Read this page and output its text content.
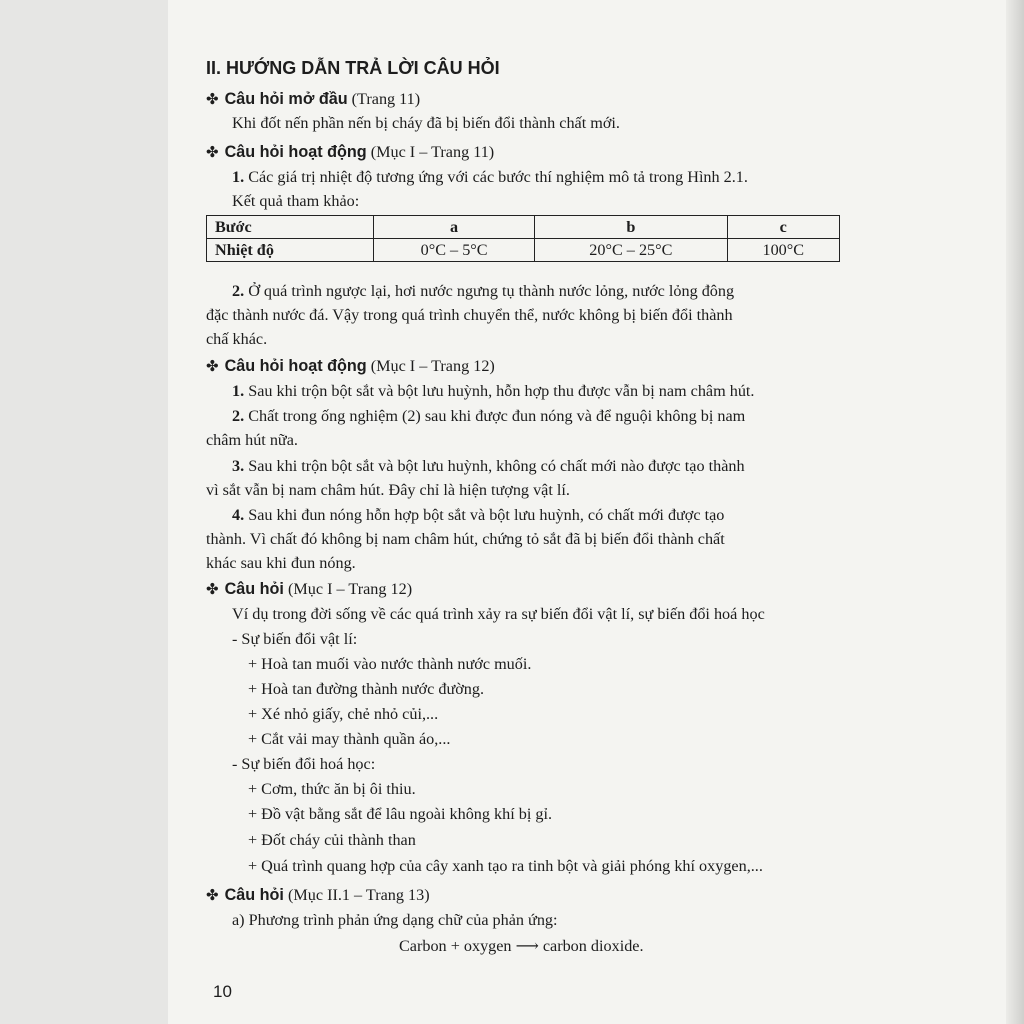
II. HƯỚNG DẪN TRẢ LỜI CÂU HỎI
✤ Câu hỏi mở đầu (Trang 11)
Khi đốt nến phần nến bị cháy đã bị biến đổi thành chất mới.
✤ Câu hỏi hoạt động (Mục I – Trang 11)
1. Các giá trị nhiệt độ tương ứng với các bước thí nghiệm mô tả trong Hình 2.1.
Kết quả tham khảo:
Bước	a	b	c
Nhiệt độ	0°C – 5°C	20°C – 25°C	100°C
2. Ở quá trình ngược lại, hơi nước ngưng tụ thành nước lỏng, nước lỏng đông
đặc thành nước đá. Vậy trong quá trình chuyển thể, nước không bị biến đổi thành
chấ khác.
✤ Câu hỏi hoạt động (Mục I – Trang 12)
1. Sau khi trộn bột sắt và bột lưu huỳnh, hỗn hợp thu được vẫn bị nam châm hút.
2. Chất trong ống nghiệm (2) sau khi được đun nóng và để nguội không bị nam
châm hút nữa.
3. Sau khi trộn bột sắt và bột lưu huỳnh, không có chất mới nào được tạo thành
vì sắt vẫn bị nam châm hút. Đây chỉ là hiện tượng vật lí.
4. Sau khi đun nóng hỗn hợp bột sắt và bột lưu huỳnh, có chất mới được tạo
thành. Vì chất đó không bị nam châm hút, chứng tỏ sắt đã bị biến đổi thành chất
khác sau khi đun nóng.
✤ Câu hỏi (Mục I – Trang 12)
Ví dụ trong đời sống về các quá trình xảy ra sự biến đổi vật lí, sự biến đổi hoá học
- Sự biến đổi vật lí:
+ Hoà tan muối vào nước thành nước muối.
+ Hoà tan đường thành nước đường.
+ Xé nhỏ giấy, chẻ nhỏ củi,...
+ Cắt vải may thành quần áo,...
- Sự biến đổi hoá học:
+ Cơm, thức ăn bị ôi thiu.
+ Đồ vật bằng sắt để lâu ngoài không khí bị gỉ.
+ Đốt cháy củi thành than
+ Quá trình quang hợp của cây xanh tạo ra tinh bột và giải phóng khí oxygen,...
✤ Câu hỏi (Mục II.1 – Trang 13)
a) Phương trình phản ứng dạng chữ của phản ứng:
Carbon + oxygen ⟶ carbon dioxide.
10
